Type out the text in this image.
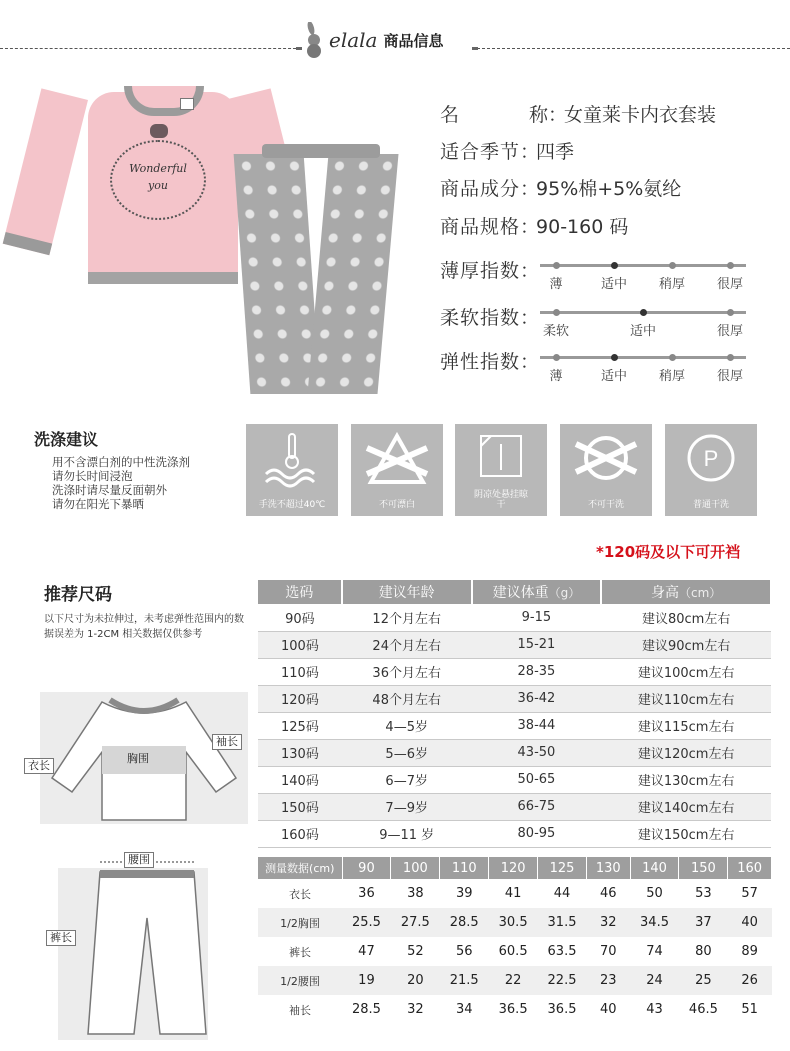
elala 商品信息
Wonderful
you
名	称 ：
女童莱卡内衣套装
适合季节 ：
四季
商品成分 ：
95%棉+5%氨纶
商品规格 ：
90-160 码
薄厚指数 ：
薄	适中 稍厚 很厚
柔软指数 ：
柔软	适中	很厚
弹性指数 ：
薄	适中 稍厚 很厚
洗涤建议
用不含漂白剂的中性洗涤剂
请勿长时间浸泡
洗涤时请尽量反面朝外
请勿在阳光下暴晒	手洗不超过40℃	不可漂白
阴凉处悬挂晾干	不可干洗
P
普通干洗
*120码及以下可开裆
推荐尺码
以下尺寸为未拉伸过，未考虑弹性范围内的数据误差为 1-2CM 相关数据仅供参考
衣长
胸围
袖长
腰围
裤长
选码	建议年龄	建议体重（g）	身高（cm）
90码	12个月左右	9-15	建议80cm左右
100码	24个月左右	15-21	建议90cm左右
110码	36个月左右	28-35	建议100cm左右
120码	48个月左右	36-42	建议110cm左右
125码	4—5岁	38-44	建议115cm左右
130码	5—6岁	43-50	建议120cm左右
140码	6—7岁	50-65	建议130cm左右
150码	7—9岁	66-75	建议140cm左右
160码	9—11 岁	80-95	建议150cm左右
测量数据(cm)	90	100	110	120	125	130	140	150	160
衣长	36	38	39	41	44	46	50	53	57
1/2胸围	25.5	27.5	28.5	30.5	31.5	32	34.5	37	40
裤长	47	52	56	60.5	63.5	70	74	80	89
1/2腰围	19	20	21.5	22	22.5	23	24	25	26
袖长	28.5	32	34	36.5	36.5	40	43	46.5	51
